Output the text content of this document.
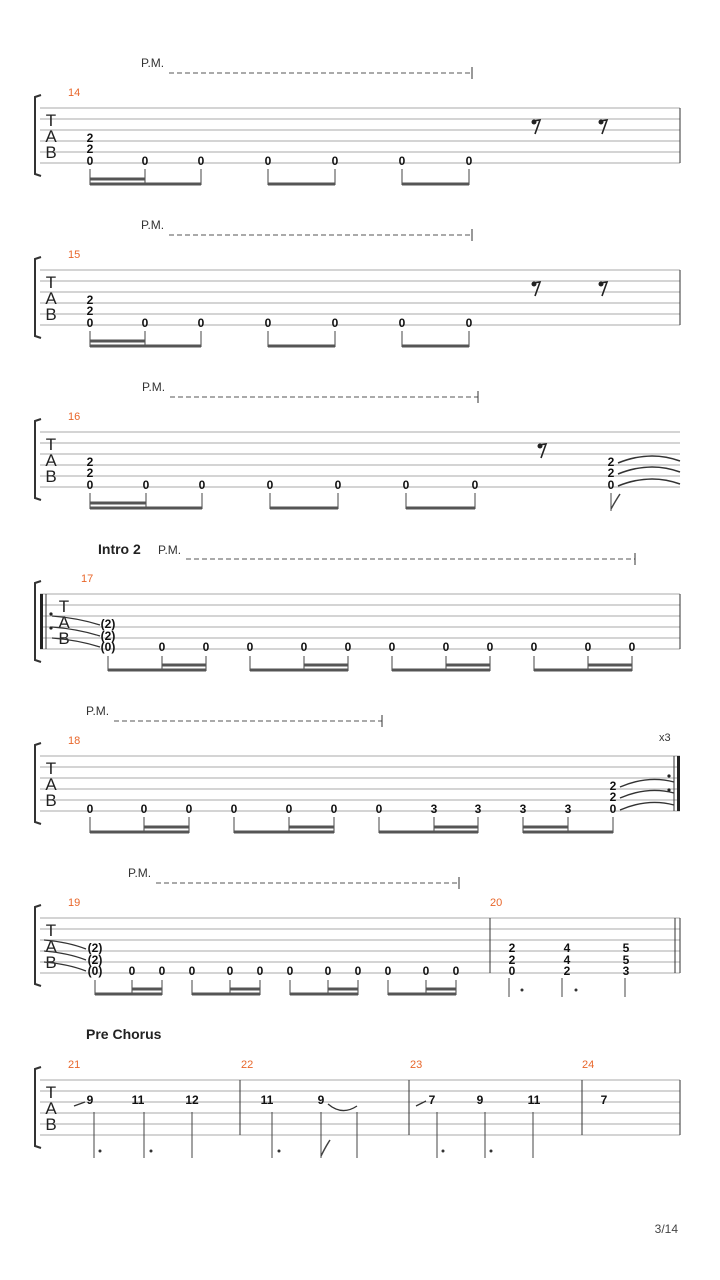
P.M.
14
T
A
B
2
2
0	0	0	0	0	0	0
P.M.
15
T
A
B
2
2
0	0	0	0	0	0	0
P.M.
16
T
A
B
2
2
0	0	0	0	0	0	0
2
2
0
Intro 2 P.M.
17
T
A
B
(2)
(2)
(0)	0	0	0	0	0	0	0	0	0	0	0
P.M.
18	x3
T
A
B 0	0	0	0	0	0	0	3	3	3	3
2
2
0
P.M.
19	20
T
A
B
(2)
(2)
(0) 0 0 0	0 0 0	0 0 0	0 0
2
2
0
4
4
2
5
5
3
Pre Chorus
21	22	23	24
T
A
B
9	11	12	11	9	7	9	11	7
3/14
